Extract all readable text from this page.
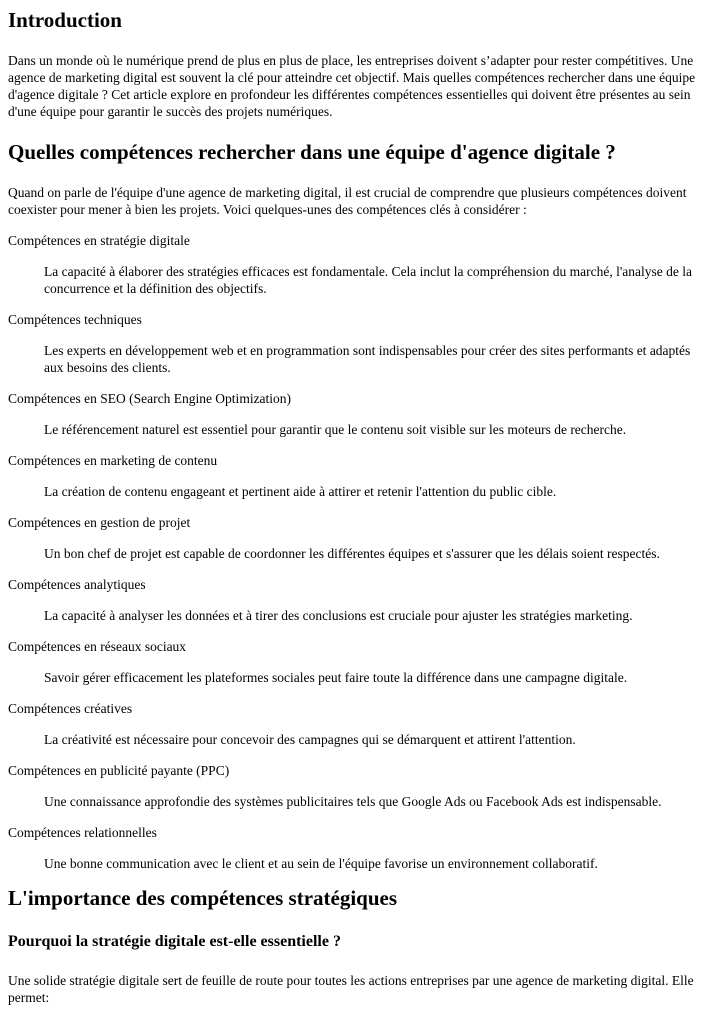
Introduction

Dans un monde où le numérique prend de plus en plus de place, les entreprises doivent s’adapter pour rester compétitives. Une agence de marketing digital est souvent la clé pour atteindre cet objectif. Mais quelles compétences rechercher dans une équipe d'agence digitale ? Cet article explore en profondeur les différentes compétences essentielles qui doivent être présentes au sein d'une équipe pour garantir le succès des projets numériques.

Quelles compétences rechercher dans une équipe d'agence digitale ?

Quand on parle de l'équipe d'une agence de marketing digital, il est crucial de comprendre que plusieurs compétences doivent coexister pour mener à bien les projets. Voici quelques-unes des compétences clés à considérer :

Compétences en stratégie digitale
La capacité à élaborer des stratégies efficaces est fondamentale. Cela inclut la compréhension du marché, l'analyse de la concurrence et la définition des objectifs.
Compétences techniques
Les experts en développement web et en programmation sont indispensables pour créer des sites performants et adaptés aux besoins des clients.
Compétences en SEO (Search Engine Optimization)
Le référencement naturel est essentiel pour garantir que le contenu soit visible sur les moteurs de recherche.
Compétences en marketing de contenu
La création de contenu engageant et pertinent aide à attirer et retenir l'attention du public cible.
Compétences en gestion de projet
Un bon chef de projet est capable de coordonner les différentes équipes et s'assurer que les délais soient respectés.
Compétences analytiques
La capacité à analyser les données et à tirer des conclusions est cruciale pour ajuster les stratégies marketing.
Compétences en réseaux sociaux
Savoir gérer efficacement les plateformes sociales peut faire toute la différence dans une campagne digitale.
Compétences créatives
La créativité est nécessaire pour concevoir des campagnes qui se démarquent et attirent l'attention.
Compétences en publicité payante (PPC)
Une connaissance approfondie des systèmes publicitaires tels que Google Ads ou Facebook Ads est indispensable.
Compétences relationnelles
Une bonne communication avec le client et au sein de l'équipe favorise un environnement collaboratif.
L'importance des compétences stratégiques
Pourquoi la stratégie digitale est-elle essentielle ?

Une solide stratégie digitale sert de feuille de route pour toutes les actions entreprises par une agence de marketing digital. Elle permet:
